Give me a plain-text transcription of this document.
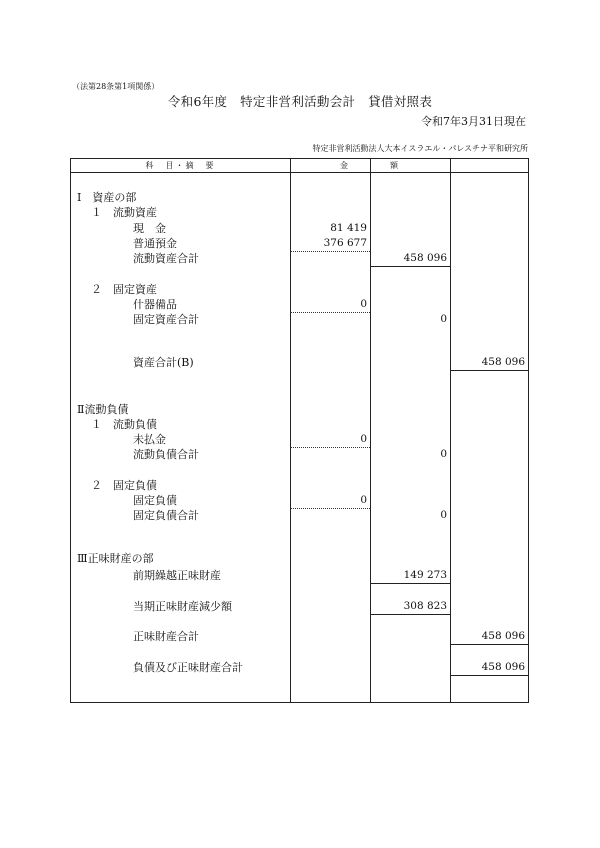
（法第28条第1項関係）
令和6年度　特定非営利活動会計　貸借対照表
令和7年3月31日現在
特定非営利活動法人大本イスラエル・パレスチナ平和研究所
科　目・摘　要	金　　　　額
Ⅰ　資産の部
１　流動資産
現　金	81 419
普通預金	376 677
流動資産合計	458 096
２　固定資産
什器備品	0
固定資産合計	0
資産合計(B)	458 096
Ⅱ流動負債
１　流動負債
未払金	0
流動負債合計	0
２　固定負債
固定負債	0
固定負債合計	0
Ⅲ正味財産の部
前期繰越正味財産	149 273
当期正味財産減少額	308 823
正味財産合計	458 096
負債及び正味財産合計	458 096
